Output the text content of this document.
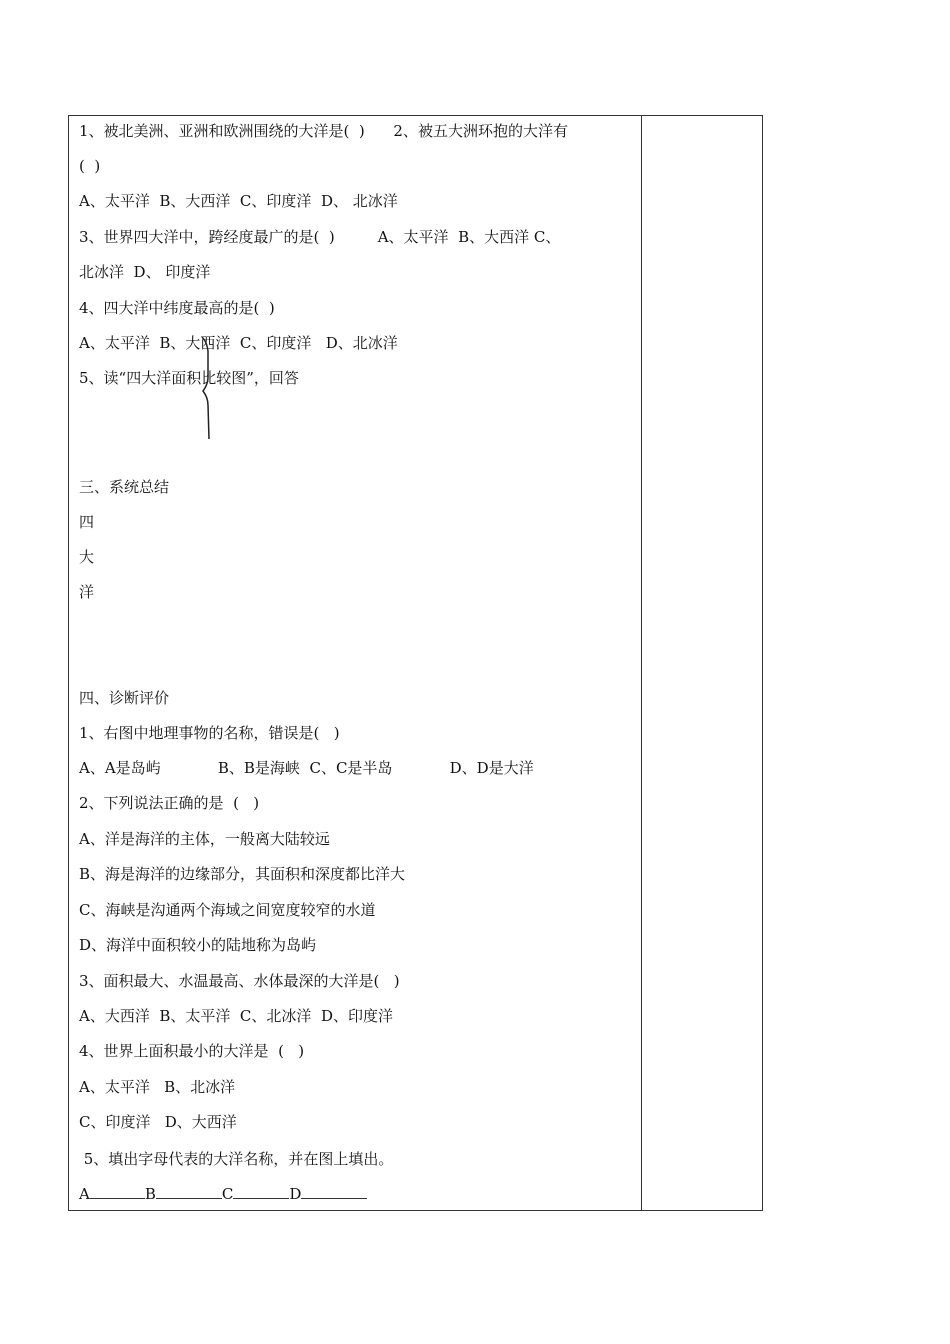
1、被北美洲、亚洲和欧洲围绕的大洋是(  )      2、被五大洲环抱的大洋有
(  )
A、太平洋  B、大西洋  C、印度洋  D、 北冰洋
3、世界四大洋中，跨经度最广的是(  )         A、太平洋  B、大西洋 C、
北冰洋  D、 印度洋
4、四大洋中纬度最高的是(  )
A、太平洋  B、大西洋  C、印度洋   D、北冰洋
5、读“四大洋面积比较图”，回答
三、系统总结
四
大
洋
四、诊断评价
1、右图中地理事物的名称，错误是(   )
A、A是岛屿            B、B是海峡  C、C是半岛            D、D是大洋
2、下列说法正确的是  (   )
A、洋是海洋的主体，一般离大陆较远
B、海是海洋的边缘部分，其面积和深度都比洋大
C、海峡是沟通两个海域之间宽度较窄的水道
D、海洋中面积较小的陆地称为岛屿
3、面积最大、水温最高、水体最深的大洋是(   )
A、大西洋  B、太平洋  C、北冰洋  D、印度洋
4、世界上面积最小的大洋是  (   )
A、太平洋   B、北冰洋
C、印度洋   D、大西洋
5、填出字母代表的大洋名称，并在图上填出。
A	B	C	D
